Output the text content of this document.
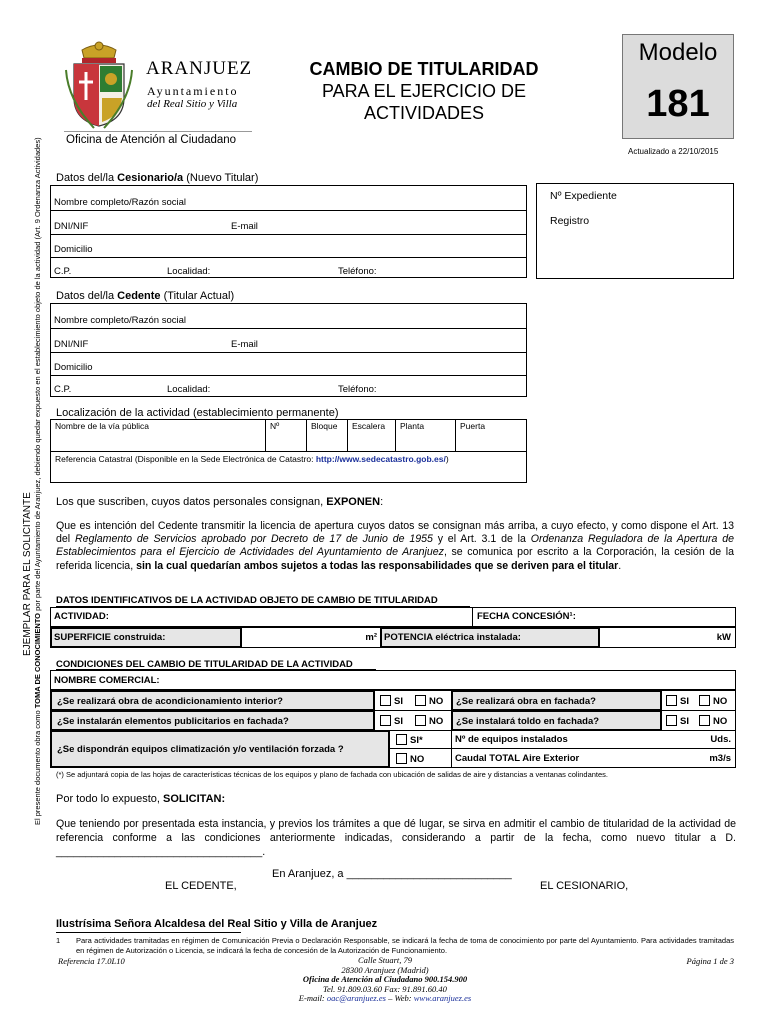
ARANJUEZ
Ayuntamiento
del Real Sitio y Villa
Oficina de Atención al Ciudadano
CAMBIO DE TITULARIDAD
PARA EL EJERCICIO DE
ACTIVIDADES
Modelo
181
Actualizado a 22/10/2015
El presente documento obra como TOMA DE CONOCIMIENTO por parte del Ayuntamiento de Aranjuez, debiendo quedar expuesto en el establecimiento objeto de la actividad (Art. 9 Ordenanza Actividades)
EJEMPLAR PARA EL SOLICITANTE
Datos del/la Cesionario/a (Nuevo Titular)
Nombre completo/Razón social
DNI/NIF	E-mail
Domicilio
C.P.	Localidad:	Teléfono:
Nº Expediente
Registro
Datos del/la Cedente (Titular Actual)
Nombre completo/Razón social
DNI/NIF	E-mail
Domicilio
C.P.	Localidad:	Teléfono:
Localización de la actividad (establecimiento permanente)
Nombre de la vía pública	Nº	Bloque Escalera Planta	Puerta
Referencia Catastral (Disponible en la Sede Electrónica de Catastro: http://www.sedecatastro.gob.es/)
Los que suscriben, cuyos datos personales consignan, EXPONEN:
Que es intención del Cedente transmitir la licencia de apertura cuyos datos se consignan más arriba, a cuyo efecto, y como dispone el Art. 13 del Reglamento de Servicios aprobado por Decreto de 17 de Junio de 1955 y el Art. 3.1 de la Ordenanza Reguladora de la Apertura de Establecimientos para el Ejercicio de Actividades del Ayuntamiento de Aranjuez, se comunica por escrito a la Corporación, la cesión de la referida licencia, sin la cual quedarían ambos sujetos a todas las responsabilidades que se deriven para el titular.
DATOS IDENTIFICATIVOS DE LA ACTIVIDAD OBJETO DE CAMBIO DE TITULARIDAD
ACTIVIDAD:	FECHA CONCESIÓN¹:
SUPERFICIE construida:	m² POTENCIA eléctrica instalada:	kW
CONDICIONES DEL CAMBIO DE TITULARIDAD DE LA ACTIVIDAD
NOMBRE COMERCIAL:
¿Se realizará obra de acondicionamiento interior?	SI	NO ¿Se realizará obra en fachada?	SI	NO
¿Se instalarán elementos publicitarios en fachada?	SI	NO ¿Se instalará toldo en fachada?	SI	NO
¿Se dispondrán equipos climatización y/o ventilación forzada ?
SI*
NO
Nº de equipos instalados	Uds.
Caudal TOTAL Aire Exterior	m3/s
(*) Se adjuntará copia de las hojas de características técnicas de los equipos y plano de fachada con ubicación de salidas de aire y distancias a ventanas colindantes.
Por todo lo expuesto, SOLICITAN:
Que teniendo por presentada esta instancia, y previos los trámites a que dé lugar, se sirva en admitir el cambio de titularidad de la actividad de referencia conforme a las condiciones anteriormente indicadas, considerando a partir de la fecha, como nuevo titular a D. ___________________________________.
En Aranjuez, a ___________________________
EL CEDENTE,	EL CESIONARIO,
Ilustrísima Señora Alcaldesa del Real Sitio y Villa de Aranjuez
1 Para actividades tramitadas en régimen de Comunicación Previa o Declaración Responsable, se indicará la fecha de toma de conocimiento por parte del Ayuntamiento. Para actividades tramitadas en régimen de Autorización o Licencia, se indicará la fecha de concesión de la Autorización de Funcionamiento.
Referencia 17.0L10	Página 1 de 3
Calle Stuart, 79
28300 Aranjuez (Madrid)
Oficina de Atención al Ciudadano 900.154.900
Tel. 91.809.03.60 Fax: 91.891.60.40
E-mail: oac@aranjuez.es – Web: www.aranjuez.es
